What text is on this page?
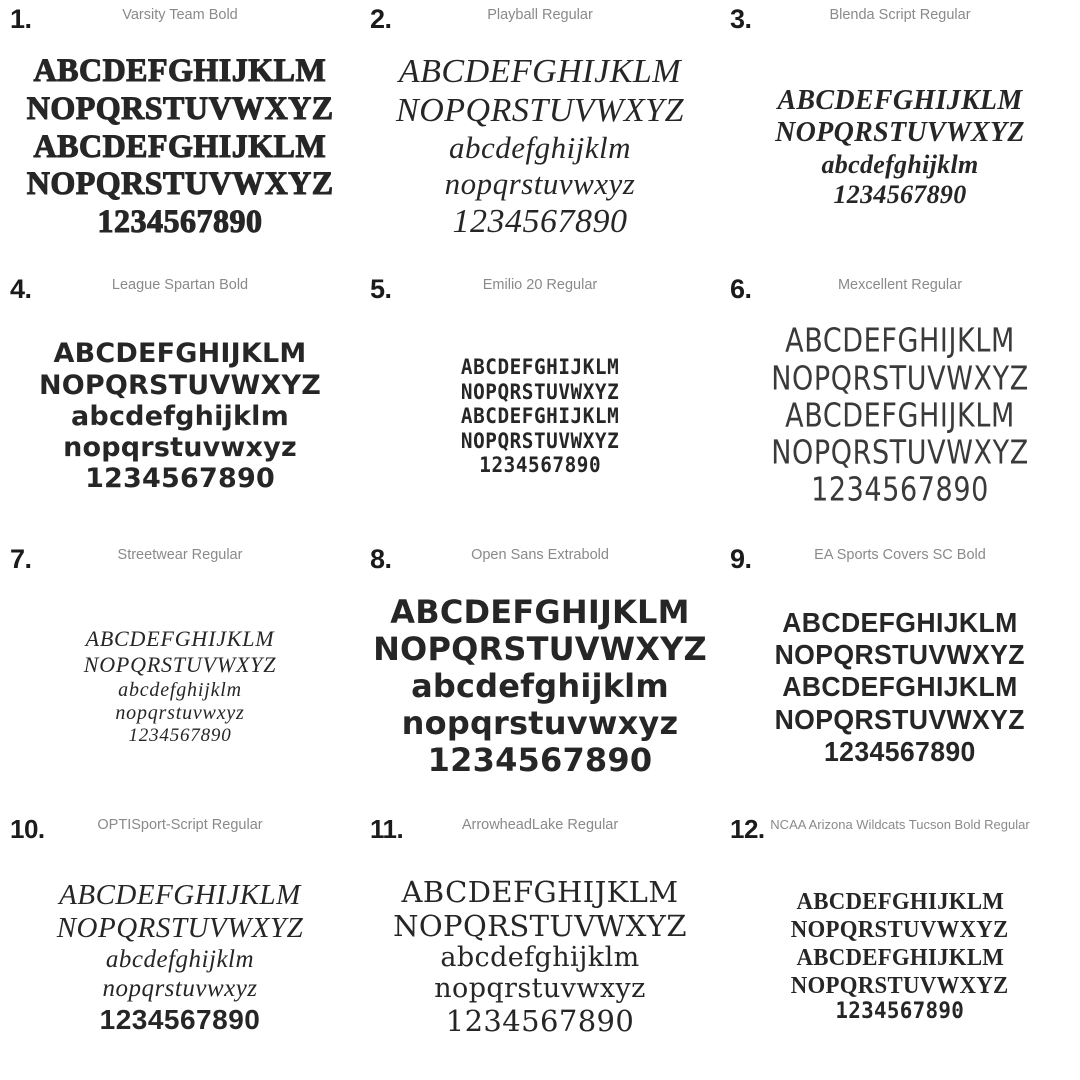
1.	Varsity Team Bold
ABCDEFGHIJKLM
NOPQRSTUVWXYZ
ABCDEFGHIJKLM
NOPQRSTUVWXYZ
1234567890
2.	Playball Regular
ABCDEFGHIJKLM
NOPQRSTUVWXYZ
abcdefghijklm
nopqrstuvwxyz
1234567890
3.	Blenda Script Regular
ABCDEFGHIJKLM
NOPQRSTUVWXYZ
abcdefghijklm
1234567890
4.	League Spartan Bold
ABCDEFGHIJKLM
NOPQRSTUVWXYZ
abcdefghijklm
nopqrstuvwxyz
1234567890
5.	Emilio 20 Regular
ABCDEFGHIJKLM
NOPQRSTUVWXYZ
ABCDEFGHIJKLM
NOPQRSTUVWXYZ
1234567890
6.	Mexcellent Regular
ABCDEFGHIJKLM
NOPQRSTUVWXYZ
ABCDEFGHIJKLM
NOPQRSTUVWXYZ
1234567890
7.	Streetwear Regular
ABCDEFGHIJKLM
NOPQRSTUVWXYZ
abcdefghijklm
nopqrstuvwxyz
1234567890
8.	Open Sans Extrabold
ABCDEFGHIJKLM
NOPQRSTUVWXYZ
abcdefghijklm
nopqrstuvwxyz
1234567890
9.	EA Sports Covers SC Bold
ABCDEFGHIJKLM
NOPQRSTUVWXYZ
ABCDEFGHIJKLM
NOPQRSTUVWXYZ
1234567890
10.	OPTISport-Script Regular
ABCDEFGHIJKLM
NOPQRSTUVWXYZ
abcdefghijklm
nopqrstuvwxyz
1234567890
11.	ArrowheadLake Regular
ABCDEFGHIJKLM
NOPQRSTUVWXYZ
abcdefghijklm
nopqrstuvwxyz
1234567890
12. NCAA Arizona Wildcats Tucson Bold Regular
ABCDEFGHIJKLM
NOPQRSTUVWXYZ
ABCDEFGHIJKLM
NOPQRSTUVWXYZ
1234567890
